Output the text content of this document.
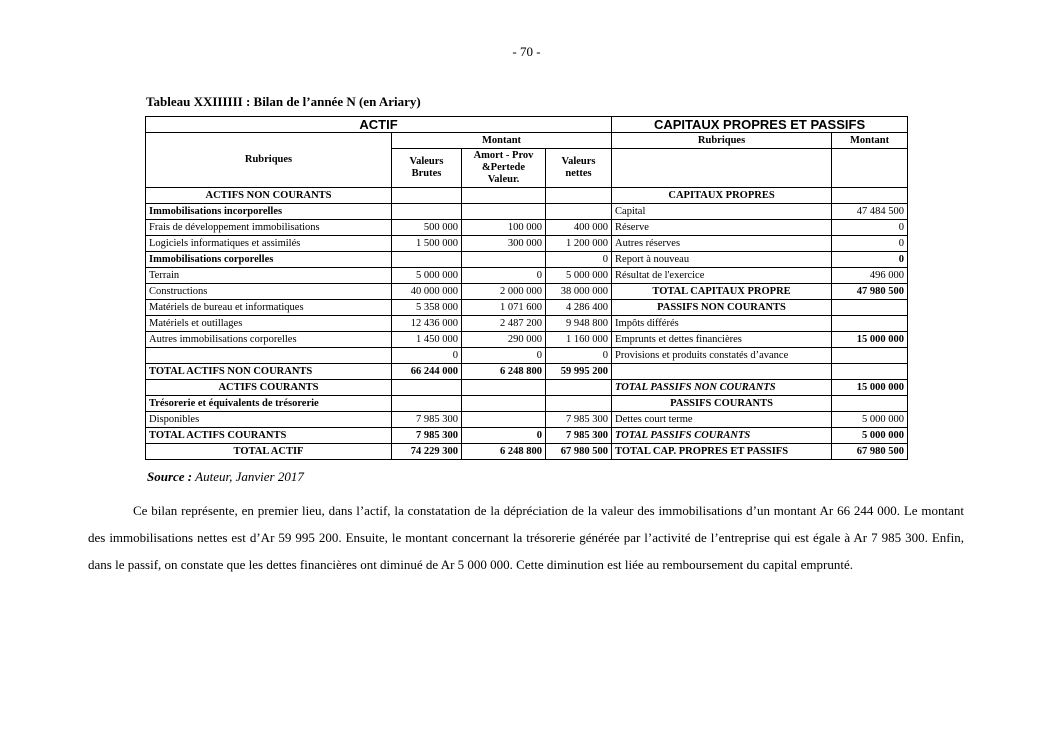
- 70 -
Tableau XXIIIIII : Bilan de l’année N (en Ariary)
ACTIF				CAPITAUX PROPRES ET PASSIFS	
Rubriques	Montant			Rubriques	Montant
	Valeurs Brutes	Amort - Prov &Pertede Valeur.	Valeurs nettes		
ACTIFS NON COURANTS				CAPITAUX PROPRES	
Immobilisations incorporelles				Capital	47 484 500
Frais de développement immobilisations	500 000	100 000	400 000	Réserve	0
Logiciels informatiques et assimilés	1 500 000	300 000	1 200 000	Autres réserves	0
Immobilisations corporelles			0	Report à nouveau	0
Terrain	5 000 000	0	5 000 000	Résultat de l'exercice	496 000
Constructions	40 000 000	2 000 000	38 000 000	TOTAL CAPITAUX PROPRE	47 980 500
Matériels de bureau et informatiques	5 358 000	1 071 600	4 286 400	PASSIFS NON COURANTS	
Matériels et outillages	12 436 000	2 487 200	9 948 800	Impôts différés	
Autres immobilisations corporelles	1 450 000	290 000	1 160 000	Emprunts et dettes financières	15 000 000
	0	0	0	Provisions et produits constatés d’avance	
TOTAL ACTIFS NON COURANTS	66 244 000	6 248 800	59 995 200		
ACTIFS COURANTS				TOTAL PASSIFS NON COURANTS	15 000 000
Trésorerie et équivalents de trésorerie				PASSIFS COURANTS	
Disponibles	7 985 300		7 985 300	Dettes court terme	5 000 000
TOTAL ACTIFS COURANTS	7 985 300	0	7 985 300	TOTAL PASSIFS COURANTS	5 000 000
TOTAL ACTIF	74 229 300	6 248 800	67 980 500	TOTAL CAP. PROPRES ET PASSIFS	67 980 500
Source : Auteur, Janvier 2017

Ce bilan représente, en premier lieu, dans l’actif, la constatation de la dépréciation de la valeur des immobilisations d’un montant Ar 66 244 000. Le montant des immobilisations nettes est d’Ar 59 995 200. Ensuite, le montant concernant la trésorerie générée par l’activité de l’entreprise qui est égale à Ar 7 985 300. Enfin, dans le passif, on constate que les dettes financières ont diminué de Ar 5 000 000. Cette diminution est liée au remboursement du capital emprunté.
